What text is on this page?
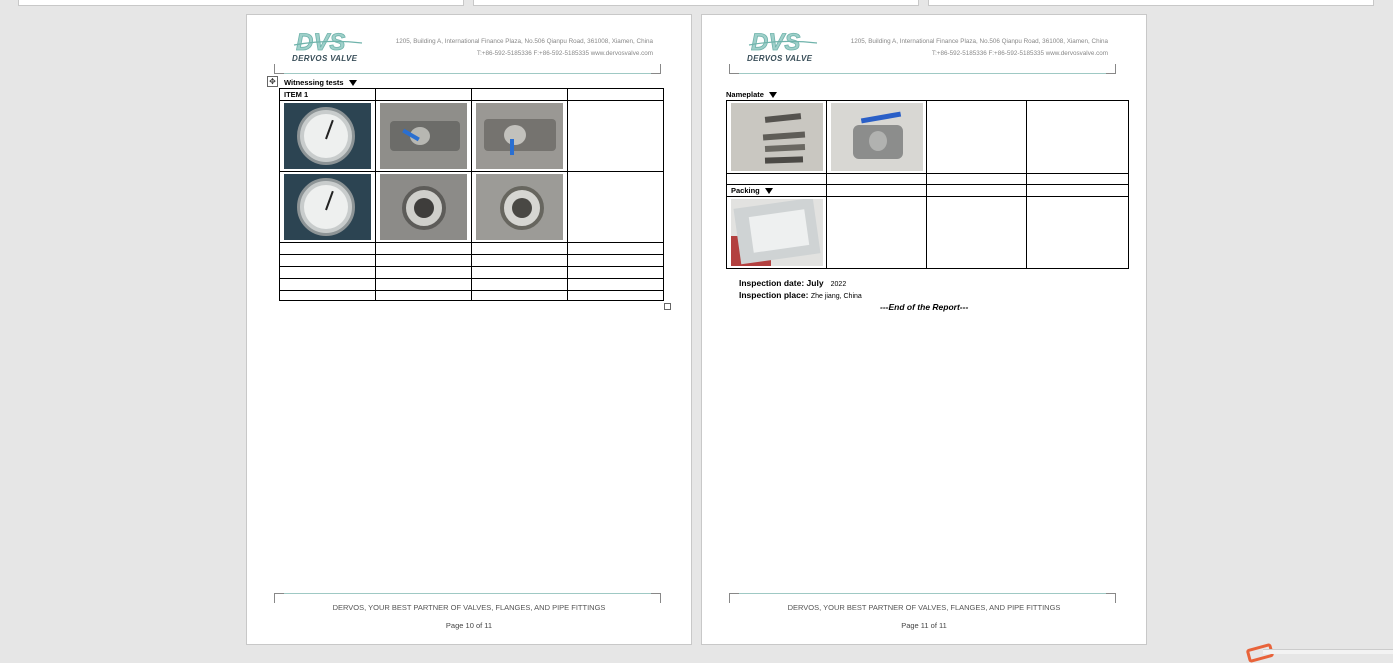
DVS
DERVOS VALVE
1205, Building A, International Finance Plaza, No.506 Qianpu Road, 361008, Xiamen, China
T:+86-592-5185336 F:+86-592-5185335 www.dervosvalve.com
✥ Witnessing tests
ITEM 1			

DERVOS, YOUR BEST PARTNER OF VALVES, FLANGES, AND PIPE FITTINGS
Page 10 of 11
DVS
DERVOS VALVE
1205, Building A, International Finance Plaza, No.506 Qianpu Road, 361008, Xiamen, China
T:+86-592-5185336 F:+86-592-5185335 www.dervosvalve.com
Nameplate

Packing			

Inspection date: July 2022
Inspection place: Zhe jiang, China
---End of the Report---
DERVOS, YOUR BEST PARTNER OF VALVES, FLANGES, AND PIPE FITTINGS
Page 11 of 11
